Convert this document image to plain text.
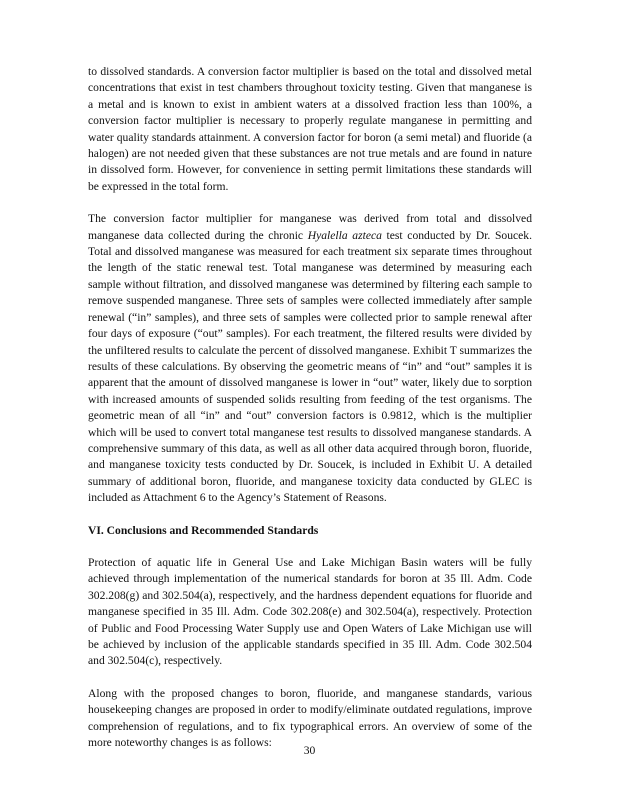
to dissolved standards. A conversion factor multiplier is based on the total and dissolved metal concentrations that exist in test chambers throughout toxicity testing. Given that manganese is a metal and is known to exist in ambient waters at a dissolved fraction less than 100%, a conversion factor multiplier is necessary to properly regulate manganese in permitting and water quality standards attainment. A conversion factor for boron (a semi metal) and fluoride (a halogen) are not needed given that these substances are not true metals and are found in nature in dissolved form. However, for convenience in setting permit limitations these standards will be expressed in the total form.

The conversion factor multiplier for manganese was derived from total and dissolved manganese data collected during the chronic Hyalella azteca test conducted by Dr. Soucek. Total and dissolved manganese was measured for each treatment six separate times throughout the length of the static renewal test. Total manganese was determined by measuring each sample without filtration, and dissolved manganese was determined by filtering each sample to remove suspended manganese. Three sets of samples were collected immediately after sample renewal (“in” samples), and three sets of samples were collected prior to sample renewal after four days of exposure (“out” samples). For each treatment, the filtered results were divided by the unfiltered results to calculate the percent of dissolved manganese. Exhibit T summarizes the results of these calculations. By observing the geometric means of “in” and “out” samples it is apparent that the amount of dissolved manganese is lower in “out” water, likely due to sorption with increased amounts of suspended solids resulting from feeding of the test organisms. The geometric mean of all “in” and “out” conversion factors is 0.9812, which is the multiplier which will be used to convert total manganese test results to dissolved manganese standards. A comprehensive summary of this data, as well as all other data acquired through boron, fluoride, and manganese toxicity tests conducted by Dr. Soucek, is included in Exhibit U. A detailed summary of additional boron, fluoride, and manganese toxicity data conducted by GLEC is included as Attachment 6 to the Agency’s Statement of Reasons.

VI. Conclusions and Recommended Standards

Protection of aquatic life in General Use and Lake Michigan Basin waters will be fully achieved through implementation of the numerical standards for boron at 35 Ill. Adm. Code 302.208(g) and 302.504(a), respectively, and the hardness dependent equations for fluoride and manganese specified in 35 Ill. Adm. Code 302.208(e) and 302.504(a), respectively. Protection of Public and Food Processing Water Supply use and Open Waters of Lake Michigan use will be achieved by inclusion of the applicable standards specified in 35 Ill. Adm. Code 302.504 and 302.504(c), respectively.

Along with the proposed changes to boron, fluoride, and manganese standards, various housekeeping changes are proposed in order to modify/eliminate outdated regulations, improve comprehension of regulations, and to fix typographical errors. An overview of some of the more noteworthy changes is as follows:

30
